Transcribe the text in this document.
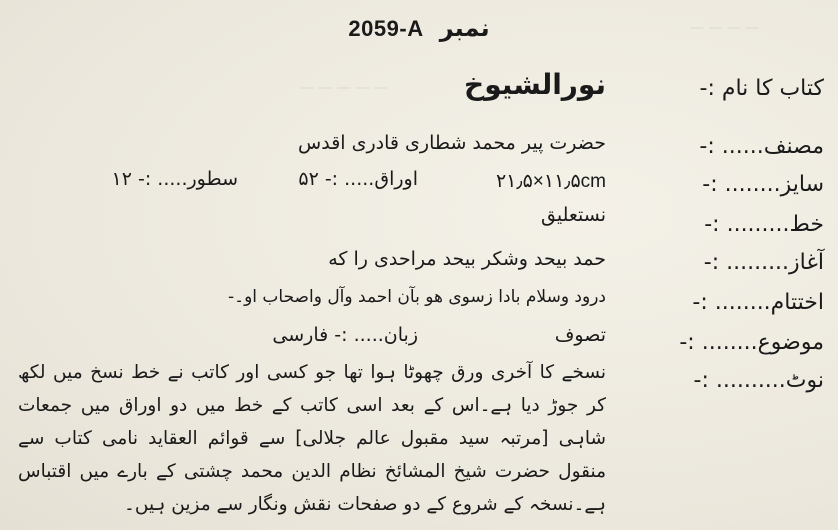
— — — —
— — — — —
2059-A نمبر
کتاب کا نام :-
مصنف...... :-
سایز........ :-
خط......... :-
آغاز......... :-
اختتام........ :-
موضوع........ :-
نوٹ.......... :-
نورالشیوخ
حضرت پیر محمد شطاری قادری اقدس
۲۱٫۵×۱۱٫۵cm
اوراق..... :- ۵۲
سطور..... :- ۱۲
نستعلیق
حمد بیحد وشکر بیحد مراحدی را که
درود وسلام بادا زسوی هو بآن احمد وآل واصحاب او۔-
تصوف
زبان..... :- فارسی
نسخے کا آخری ورق چھوٹا ہوا تھا جو کسی اور کاتب نے خط نسخ میں لکھ کر جوڑ دیا ہے۔اس کے بعد اسی کاتب کے خط میں دو اوراق میں جمعات شاہی [مرتبہ سید مقبول عالم جلالی] سے قوائم العقاید نامی کتاب سے منقول حضرت شیخ المشائخ نظام الدین محمد چشتی کے بارے میں اقتباس ہے۔نسخہ کے شروع کے دو صفحات نقش ونگار سے مزین ہیں۔
